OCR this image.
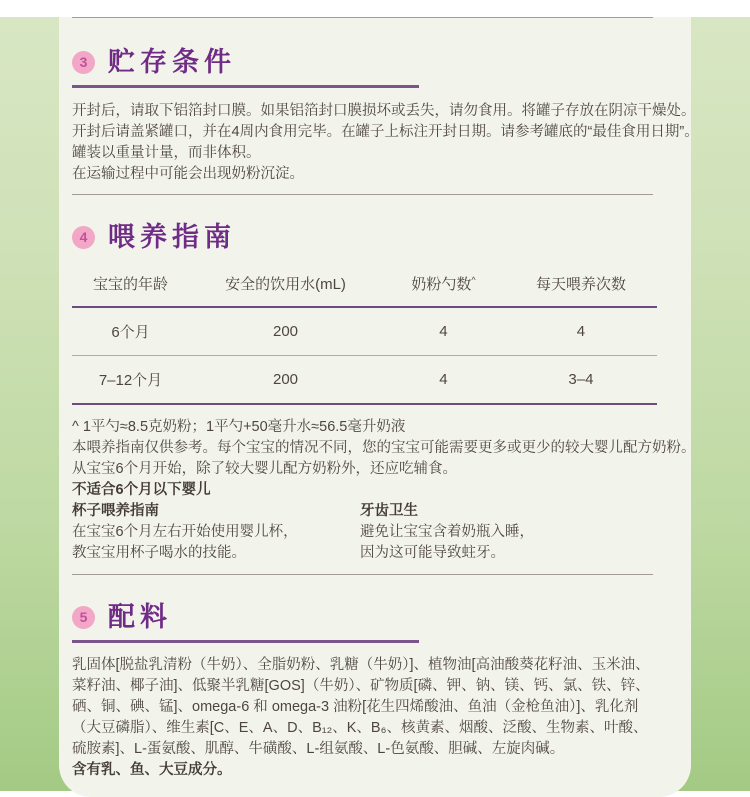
3 贮存条件
开封后，请取下铝箔封口膜。如果铝箔封口膜损坏或丢失，请勿食用。将罐子存放在阴凉干燥处。
开封后请盖紧罐口，并在4周内食用完毕。在罐子上标注开封日期。请参考罐底的“最佳食用日期”。
罐装以重量计量，而非体积。
在运输过程中可能会出现奶粉沉淀。
4 喂养指南
宝宝的年龄	安全的饮用水(mL)	奶粉勺数^	每天喂养次数
6个月	200	4	4
7–12个月	200	4	3–4
^ 1平勺≈8.5克奶粉；1平勺+50毫升水≈56.5毫升奶液
本喂养指南仅供参考。每个宝宝的情况不同，您的宝宝可能需要更多或更少的较大婴儿配方奶粉。
从宝宝6个月开始，除了较大婴儿配方奶粉外，还应吃辅食。
不适合6个月以下婴儿
杯子喂养指南
在宝宝6个月左右开始使用婴儿杯，
教宝宝用杯子喝水的技能。
牙齿卫生
避免让宝宝含着奶瓶入睡，
因为这可能导致蛀牙。
5 配料
乳固体[脱盐乳清粉（牛奶）、全脂奶粉、乳糖（牛奶）]、植物油[高油酸葵花籽油、玉米油、
菜籽油、椰子油]、低聚半乳糖[GOS]（牛奶）、矿物质[磷、钾、钠、镁、钙、氯、铁、锌、
硒、铜、碘、锰]、omega-6 和 omega-3 油粉[花生四烯酸油、鱼油（金枪鱼油）]、乳化剂
（大豆磷脂）、维生素[C、E、A、D、B₁₂、K、B₆、核黄素、烟酸、泛酸、生物素、叶酸、
硫胺素]、L-蛋氨酸、肌醇、牛磺酸、L-组氨酸、L-色氨酸、胆碱、左旋肉碱。
含有乳、鱼、大豆成分。
